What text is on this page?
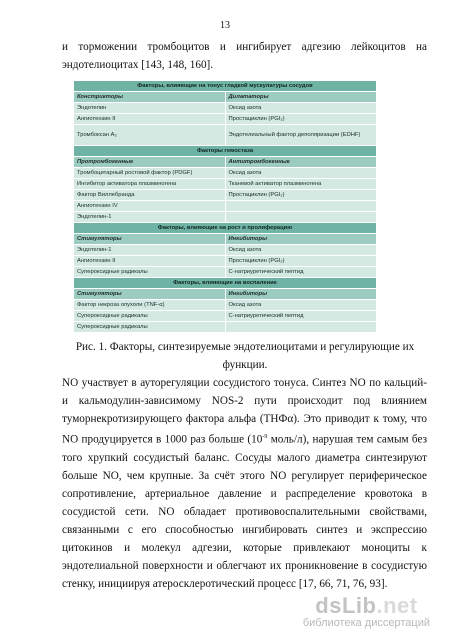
13

и торможении тромбоцитов и ингибирует адгезию лейкоцитов на эндотелиоцитах [143, 148, 160].

Факторы, влияющие на тонус гладкой мускулатуры сосудов	
Констрикторы	Дилататоры
Эндотелин	Оксид азота
Ангиотензин II	Простациклин (PGI₂)
Тромбоксан A₂	Эндотелиальный фактор деполяризации (EDHF)
Факторы гемостаза	
Протромбогенные	Антитромбогенные
Тромбоцитарный ростовой фактор (PDGF)	Оксид азота
Ингибитор активатора плазминогена	Тканевой активатор плазминогена
Фактор Виллебранда	Простациклин (PGI₂)
Ангиотензин IV	
Эндотелин-1	
Факторы, влияющие на рост и пролиферацию	
Стимуляторы	Ингибиторы
Эндотелин-1	Оксид азота
Ангиотензин II	Простациклин (PGI₂)
Супероксидные радикалы	С-натриуретический пептид
Факторы, влияющие на воспаление	
Стимуляторы	Ингибиторы
Фактор некроза опухоли (TNF-α)	Оксид азота
Супероксидные радикалы	С-натриуретический пептид
Супероксидные радикалы	
Рис. 1. Факторы, синтезируемые эндотелиоцитами и регулирующие их функции.

NO участвует в ауторегуляции сосудистого тонуса. Синтез NO по кальций- и кальмодулин-зависимому NOS-2 пути происходит под влиянием туморнекротизирующего фактора альфа (ТНФα). Это приводит к тому, что NO продуцируется в 1000 раз больше ($10^{-9}$ моль/л), нарушая тем самым без того хрупкий сосудистый баланс. Сосуды малого диаметра синтезируют больше NO, чем крупные. За счёт этого NO регулирует периферическое сопротивление, артериальное давление и распределение кровотока в сосудистой сети. NO обладает противовоспалительными свойствами, связанными с его способностью ингибировать синтез и экспрессию цитокинов и молекул адгезии, которые привлекают моноциты к эндотелиальной поверхности и облегчают их проникновение в сосудистую стенку, инициируя атеросклеротический процесс [17, 66, 71, 76, 93].

dsLib.net
библиотека диссертаций
